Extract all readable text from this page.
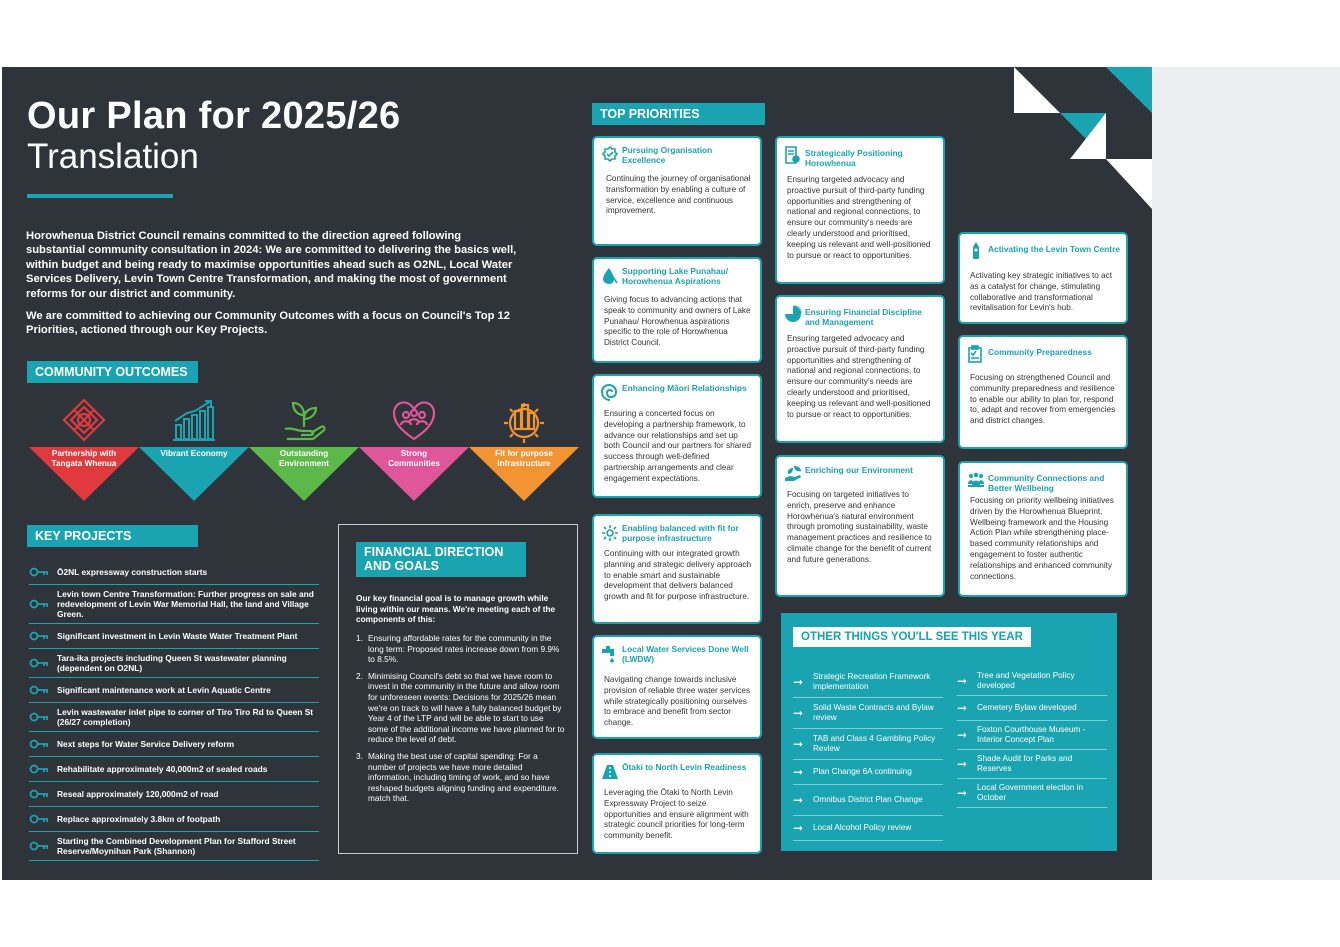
Our Plan for 2025/26
Translation

Horowhenua District Council remains committed to the direction agreed following substantial community consultation in 2024: We are committed to delivering the basics well, within budget and being ready to maximise opportunities ahead such as O2NL, Local Water Services Delivery, Levin Town Centre Transformation, and making the most of government reforms for our district and community.

We are committed to achieving our Community Outcomes with a focus on Council's Top 12 Priorities, actioned through our Key Projects.

COMMUNITY OUTCOMES
Partnership with Tangata Whenua
Vibrant Economy	Outstanding Environment
Strong Communities
Fit for purpose Infrastructure
KEY PROJECTS
Ō2NL expressway construction starts
Levin town Centre Transformation: Further progress on sale and redevelopment of Levin War Memorial Hall, the land and Village Green.
Significant investment in Levin Waste Water Treatment Plant
Tara-ika projects including Queen St wastewater planning (dependent on O2NL)
Significant maintenance work at Levin Aquatic Centre
Levin wastewater inlet pipe to corner of Tiro Tiro Rd to Queen St (26/27 completion)
Next steps for Water Service Delivery reform
Rehabilitate approximately 40,000m2 of sealed roads
Reseal approximately 120,000m2 of road
Replace approximately 3.8km of footpath
Starting the Combined Development Plan for Stafford Street Reserve/Moynihan Park (Shannon)
FINANCIAL DIRECTION AND GOALS
Our key financial goal is to manage growth while living within our means. We're meeting each of the components of this:
1. Ensuring affordable rates for the community in the long term: Proposed rates increase down from 9.9% to 8.5%.
2. Minimising Council's debt so that we have room to invest in the community in the future and allow room for unforeseen events: Decisions for 2025/26 mean we're on track to will have a fully balanced budget by Year 4 of the LTP and will be able to start to use some of the additional income we have planned for to reduce the level of debt.
3. Making the best use of capital spending: For a number of projects we have more detailed information, including timing of work, and so have reshaped budgets aligning funding and expenditure. match that.
TOP PRIORITIES
Pursuing Organisation Excellence
Continuing the journey of organisational transformation by enabling a culture of service, excellence and continuous improvement.
Supporting Lake Punahau/ Horowhenua Aspirations
Giving focus to advancing actions that speak to community and owners of Lake Punahau/ Horowhenua aspirations specific to the role of Horowhenua District Council.
Enhancing Māori Relationships
Ensuring a concerted focus on developing a partnership framework, to advance our relationships and set up both Council and our partners for shared success through well-defined partnership arrangements and clear engagement expectations.
Enabling balanced with fit for purpose infrastructure
Continuing with our integrated growth planning and strategic delivery approach to enable smart and sustainable development that delivers balanced growth and fit for purpose infrastructure.
Local Water Services Done Well (LWDW)
Navigating change towards inclusive provision of reliable three water services while strategically positioning ourselves to embrace and benefit from sector change.
Ōtaki to North Levin Readiness
Leveraging the Ōtaki to North Levin Expressway Project to seize opportunities and ensure alignment with strategic council priorities for long-term community benefit.
Strategically Positioning Horowhenua
Ensuring targeted advocacy and proactive pursuit of third-party funding opportunities and strengthening of national and regional connections, to ensure our community's needs are clearly understood and prioritised, keeping us relevant and well-positioned to pursue or react to opportunities.
Ensuring Financial Discipline and Management
Ensuring targeted advocacy and proactive pursuit of third-party funding opportunities and strengthening of national and regional connections, to ensure our community's needs are clearly understood and prioritised, keeping us relevant and well-positioned to pursue or react to opportunities.
Enriching our Environment
Focusing on targeted initiatives to enrich, preserve and enhance Horowhenua's natural environment through promoting sustainability, waste management practices and resilience to climate change for the benefit of current and future generations.
Activating the Levin Town Centre
Activating key strategic initiatives to act as a catalyst for change, stimulating collaborative and transformational revitalisation for Levin's hub.
Community Preparedness
Focusing on strengthened Council and community preparedness and resilience to enable our ability to plan for, respond to, adapt and recover from emergencies and district changes.
Community Connections and Better Wellbeing
Focusing on priority wellbeing initiatives driven by the Horowhenua Blueprint, Wellbeing framework and the Housing Action Plan while strengthening place-based community relationships and engagement to foster authentic relationships and enhanced community connections.
OTHER THINGS YOU'LL SEE THIS YEAR
➞	Strategic Recreation Framework implementation
➞	Solid Waste Contracts and Bylaw review
➞	TAB and Class 4 Gambling Policy Review
➞	Plan Change 6A continuing
➞	Omnibus District Plan Change
➞	Local Alcohol Policy review
➞	Tree and Vegetation Policy developed
➞	Cemetery Bylaw developed
➞	Foxton Courthouse Museum - Interior Concept Plan
➞	Shade Audit for Parks and Reserves
➞	Local Government election in October
